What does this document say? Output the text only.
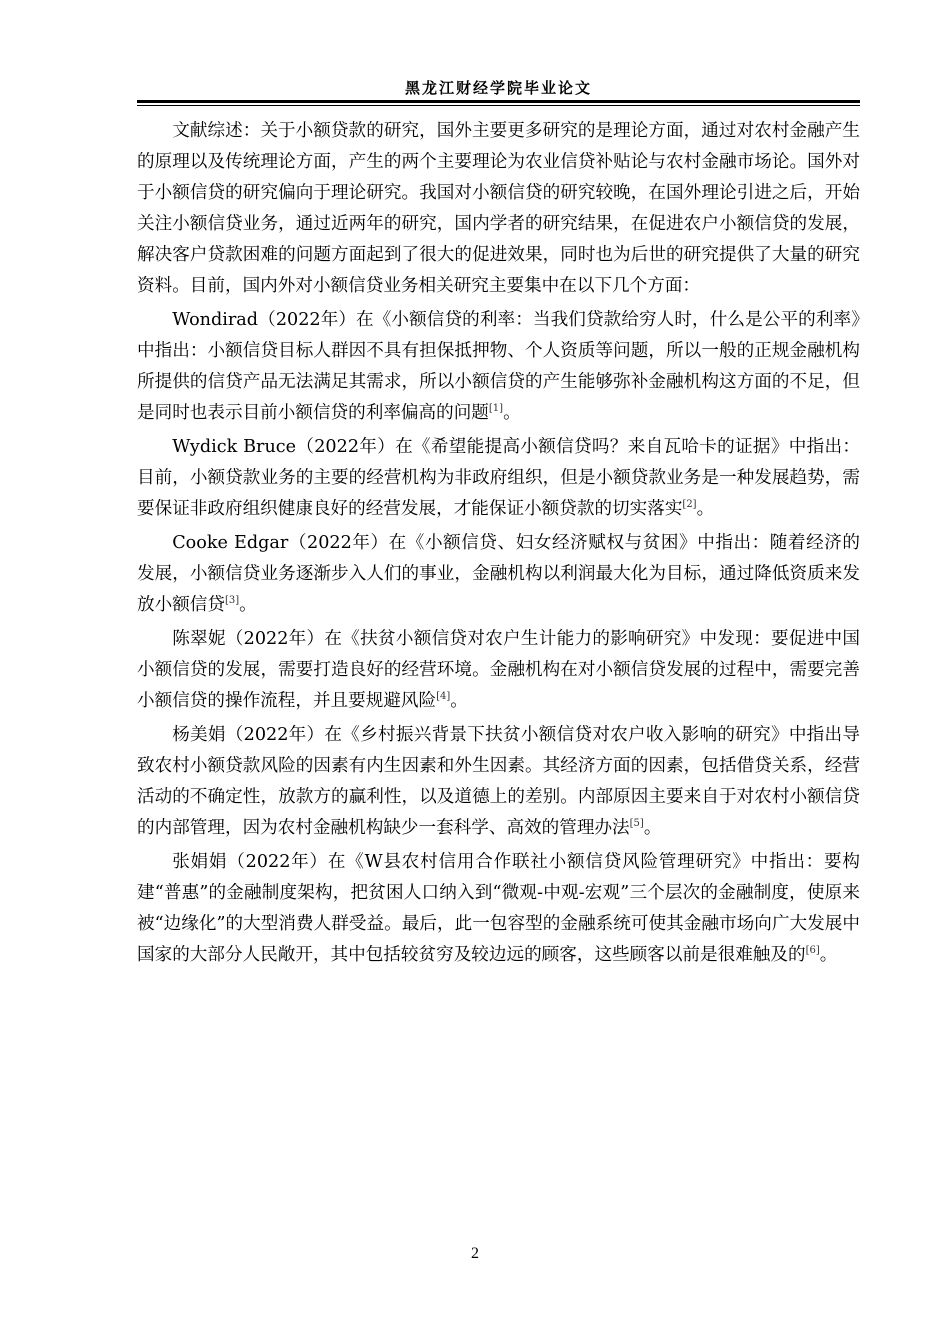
黑龙江财经学院毕业论文

文献综述：关于小额贷款的研究，国外主要更多研究的是理论方面，通过对农村金融产生的原理以及传统理论方面，产生的两个主要理论为农业信贷补贴论与农村金融市场论。国外对于小额信贷的研究偏向于理论研究。我国对小额信贷的研究较晚，在国外理论引进之后，开始关注小额信贷业务，通过近两年的研究，国内学者的研究结果，在促进农户小额信贷的发展，解决客户贷款困难的问题方面起到了很大的促进效果，同时也为后世的研究提供了大量的研究资料。目前，国内外对小额信贷业务相关研究主要集中在以下几个方面：

Wondirad（2022年）在《小额信贷的利率：当我们贷款给穷人时，什么是公平的利率》中指出：小额信贷目标人群因不具有担保抵押物、个人资质等问题，所以一般的正规金融机构所提供的信贷产品无法满足其需求，所以小额信贷的产生能够弥补金融机构这方面的不足，但是同时也表示目前小额信贷的利率偏高的问题[1]。

Wydick Bruce（2022年）在《希望能提高小额信贷吗？来自瓦哈卡的证据》中指出：目前，小额贷款业务的主要的经营机构为非政府组织，但是小额贷款业务是一种发展趋势，需要保证非政府组织健康良好的经营发展，才能保证小额贷款的切实落实[2]。

Cooke Edgar（2022年）在《小额信贷、妇女经济赋权与贫困》中指出：随着经济的发展，小额信贷业务逐渐步入人们的事业，金融机构以利润最大化为目标，通过降低资质来发放小额信贷[3]。

陈翠妮（2022年）在《扶贫小额信贷对农户生计能力的影响研究》中发现：要促进中国小额信贷的发展，需要打造良好的经营环境。金融机构在对小额信贷发展的过程中，需要完善小额信贷的操作流程，并且要规避风险[4]。

杨美娟（2022年）在《乡村振兴背景下扶贫小额信贷对农户收入影响的研究》中指出导致农村小额贷款风险的因素有内生因素和外生因素。其经济方面的因素，包括借贷关系，经营活动的不确定性，放款方的赢利性，以及道德上的差别。内部原因主要来自于对农村小额信贷的内部管理，因为农村金融机构缺少一套科学、高效的管理办法[5]。

张娟娟（2022年）在《W县农村信用合作联社小额信贷风险管理研究》中指出：要构建“普惠”的金融制度架构，把贫困人口纳入到“微观-中观-宏观”三个层次的金融制度，使原来被“边缘化”的大型消费人群受益。最后，此一包容型的金融系统可使其金融市场向广大发展中国家的大部分人民敞开，其中包括较贫穷及较边远的顾客，这些顾客以前是很难触及的[6]。

2
